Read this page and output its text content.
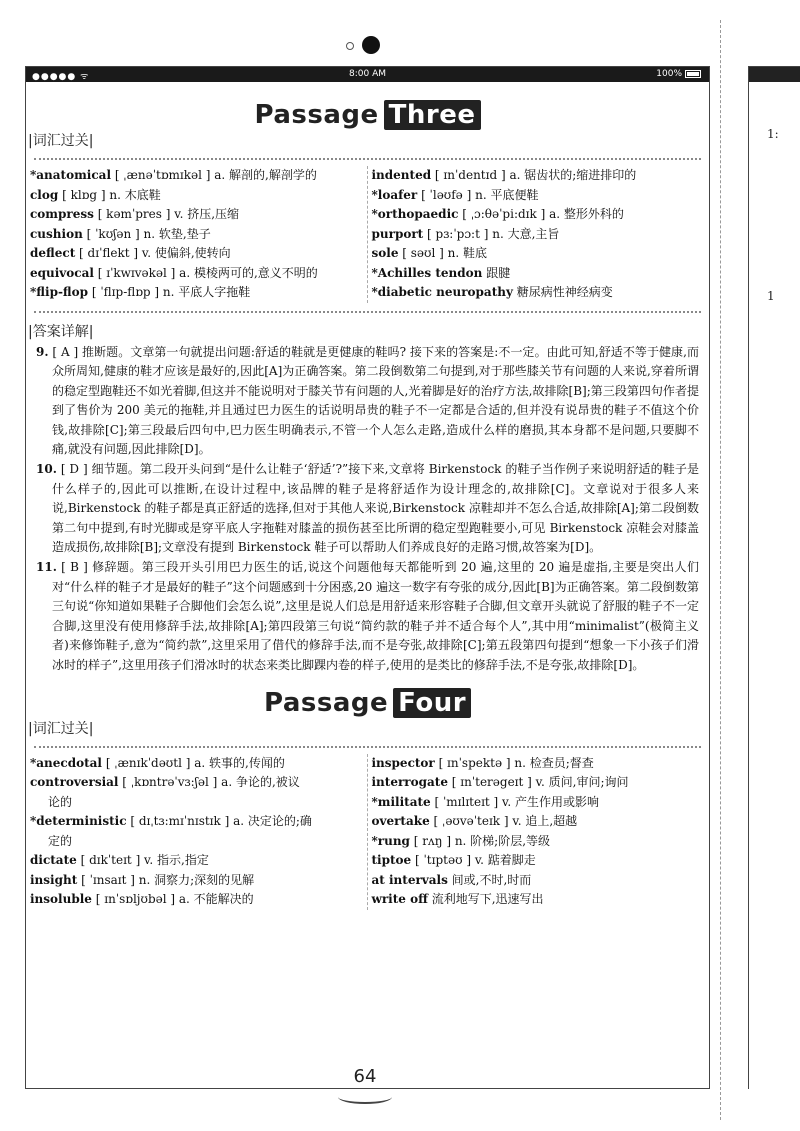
●●●●● ᯤ	8:00 AM	100%
Passage Three
|词汇过关|
*anatomical [ ˌænəˈtɒmɪkəl ] a. 解剖的,解剖学的
clog [ klɒg ] n. 木底鞋
compress [ kəmˈpres ] v. 挤压,压缩
cushion [ ˈkʊʃən ] n. 软垫,垫子
deflect [ dɪˈflekt ] v. 使偏斜,使转向
equivocal [ ɪˈkwɪvəkəl ] a. 模棱两可的,意义不明的
*flip-flop [ ˈflɪp-flɒp ] n. 平底人字拖鞋
indented [ ɪnˈdentɪd ] a. 锯齿状的;缩进排印的
*loafer [ ˈləʊfə ] n. 平底便鞋
*orthopaedic [ ˌɔ:θəˈpi:dɪk ] a. 整形外科的
purport [ pɜ:ˈpɔ:t ] n. 大意,主旨
sole [ səʊl ] n. 鞋底
*Achilles tendon 跟腱
*diabetic neuropathy 糖尿病性神经病变
|答案详解|
9. [ A ] 推断题。文章第一句就提出问题:舒适的鞋就是更健康的鞋吗? 接下来的答案是:不一定。由此可知,舒适不等于健康,而众所周知,健康的鞋才应该是最好的,因此[A]为正确答案。第二段倒数第二句提到,对于那些膝关节有问题的人来说,穿着所谓的稳定型跑鞋还不如光着脚,但这并不能说明对于膝关节有问题的人,光着脚是好的治疗方法,故排除[B];第三段第四句作者提到了售价为 200 美元的拖鞋,并且通过巴力医生的话说明昂贵的鞋子不一定都是合适的,但并没有说昂贵的鞋子不值这个价钱,故排除[C];第三段最后四句中,巴力医生明确表示,不管一个人怎么走路,造成什么样的磨损,其本身都不是问题,只要脚不痛,就没有问题,因此排除[D]。
10. [ D ] 细节题。第二段开头问到“是什么让鞋子‘舒适’?”接下来,文章将 Birkenstock 的鞋子当作例子来说明舒适的鞋子是什么样子的,因此可以推断,在设计过程中,该品牌的鞋子是将舒适作为设计理念的,故排除[C]。文章说对于很多人来说,Birkenstock 的鞋子都是真正舒适的选择,但对于其他人来说,Birkenstock 凉鞋却并不怎么合适,故排除[A];第二段倒数第二句中提到,有时光脚或是穿平底人字拖鞋对膝盖的损伤甚至比所谓的稳定型跑鞋要小,可见 Birkenstock 凉鞋会对膝盖造成损伤,故排除[B];文章没有提到 Birkenstock 鞋子可以帮助人们养成良好的走路习惯,故答案为[D]。
11. [ B ] 修辞题。第三段开头引用巴力医生的话,说这个问题他每天都能听到 20 遍,这里的 20 遍是虚指,主要是突出人们对“什么样的鞋子才是最好的鞋子”这个问题感到十分困惑,20 遍这一数字有夸张的成分,因此[B]为正确答案。第二段倒数第三句说“你知道如果鞋子合脚他们会怎么说”,这里是说人们总是用舒适来形容鞋子合脚,但文章开头就说了舒服的鞋子不一定合脚,这里没有使用修辞手法,故排除[A];第四段第三句说“简约款的鞋子并不适合每个人”,其中用“minimalist”(极简主义者)来修饰鞋子,意为“简约款”,这里采用了借代的修辞手法,而不是夸张,故排除[C];第五段第四句提到“想象一下小孩子们滑冰时的样子”,这里用孩子们滑冰时的状态来类比脚踝内卷的样子,使用的是类比的修辞手法,不是夸张,故排除[D]。
Passage Four
|词汇过关|
*anecdotal [ ˌænɪkˈdəʊtl ] a. 轶事的,传闻的
controversial [ ˌkɒntrəˈvɜ:ʃəl ] a. 争论的,被议
论的
*deterministic [ dɪˌtɜ:mɪˈnɪstɪk ] a. 决定论的;确
定的
dictate [ dɪkˈteɪt ] v. 指示,指定
insight [ ˈɪnsaɪt ] n. 洞察力;深刻的见解
insoluble [ ɪnˈsɒljʊbəl ] a. 不能解决的
inspector [ ɪnˈspektə ] n. 检查员;督查
interrogate [ ɪnˈterəgeɪt ] v. 质问,审问;询问
*militate [ ˈmɪlɪteɪt ] v. 产生作用或影响
overtake [ ˌəʊvəˈteɪk ] v. 追上,超越
*rung [ rʌŋ ] n. 阶梯;阶层,等级
tiptoe [ ˈtɪptəʊ ] v. 踮着脚走
at intervals 间或,不时,时而
write off 流利地写下,迅速写出
1:
1
64
